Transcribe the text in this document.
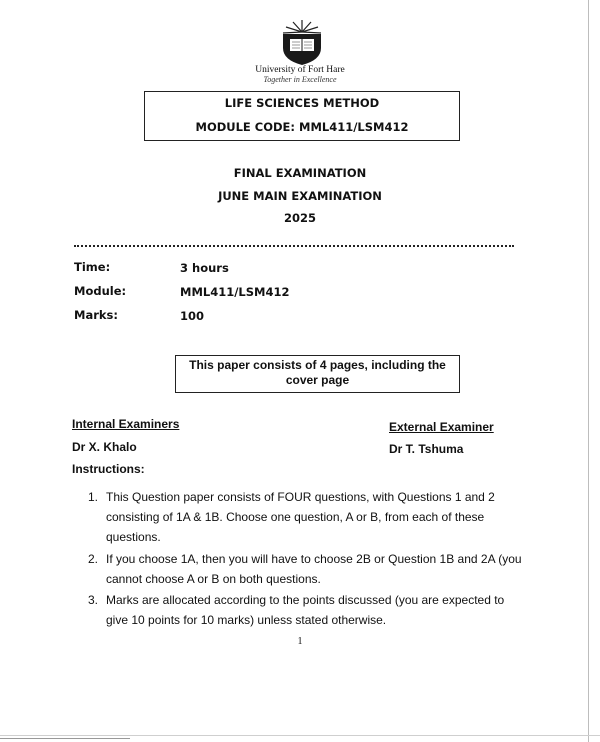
University of Fort Hare
Together in Excellence
LIFE SCIENCES METHOD
MODULE CODE: MML411/LSM412
FINAL EXAMINATION
JUNE MAIN EXAMINATION
2025
Time:	3 hours
Module:	MML411/LSM412
Marks:	100
This paper consists of 4 pages, including the
cover page
Internal Examiners
Dr X. Khalo
External Examiner
Dr T. Tshuma
Instructions:
1. This Question paper consists of FOUR questions, with Questions 1 and 2 consisting of 1A & 1B. Choose one question, A or B, from each of these questions.
2. If you choose 1A, then you will have to choose 2B or Question 1B and 2A (you cannot choose A or B on both questions.
3. Marks are allocated according to the points discussed (you are expected to give 10 points for 10 marks) unless stated otherwise.
1
